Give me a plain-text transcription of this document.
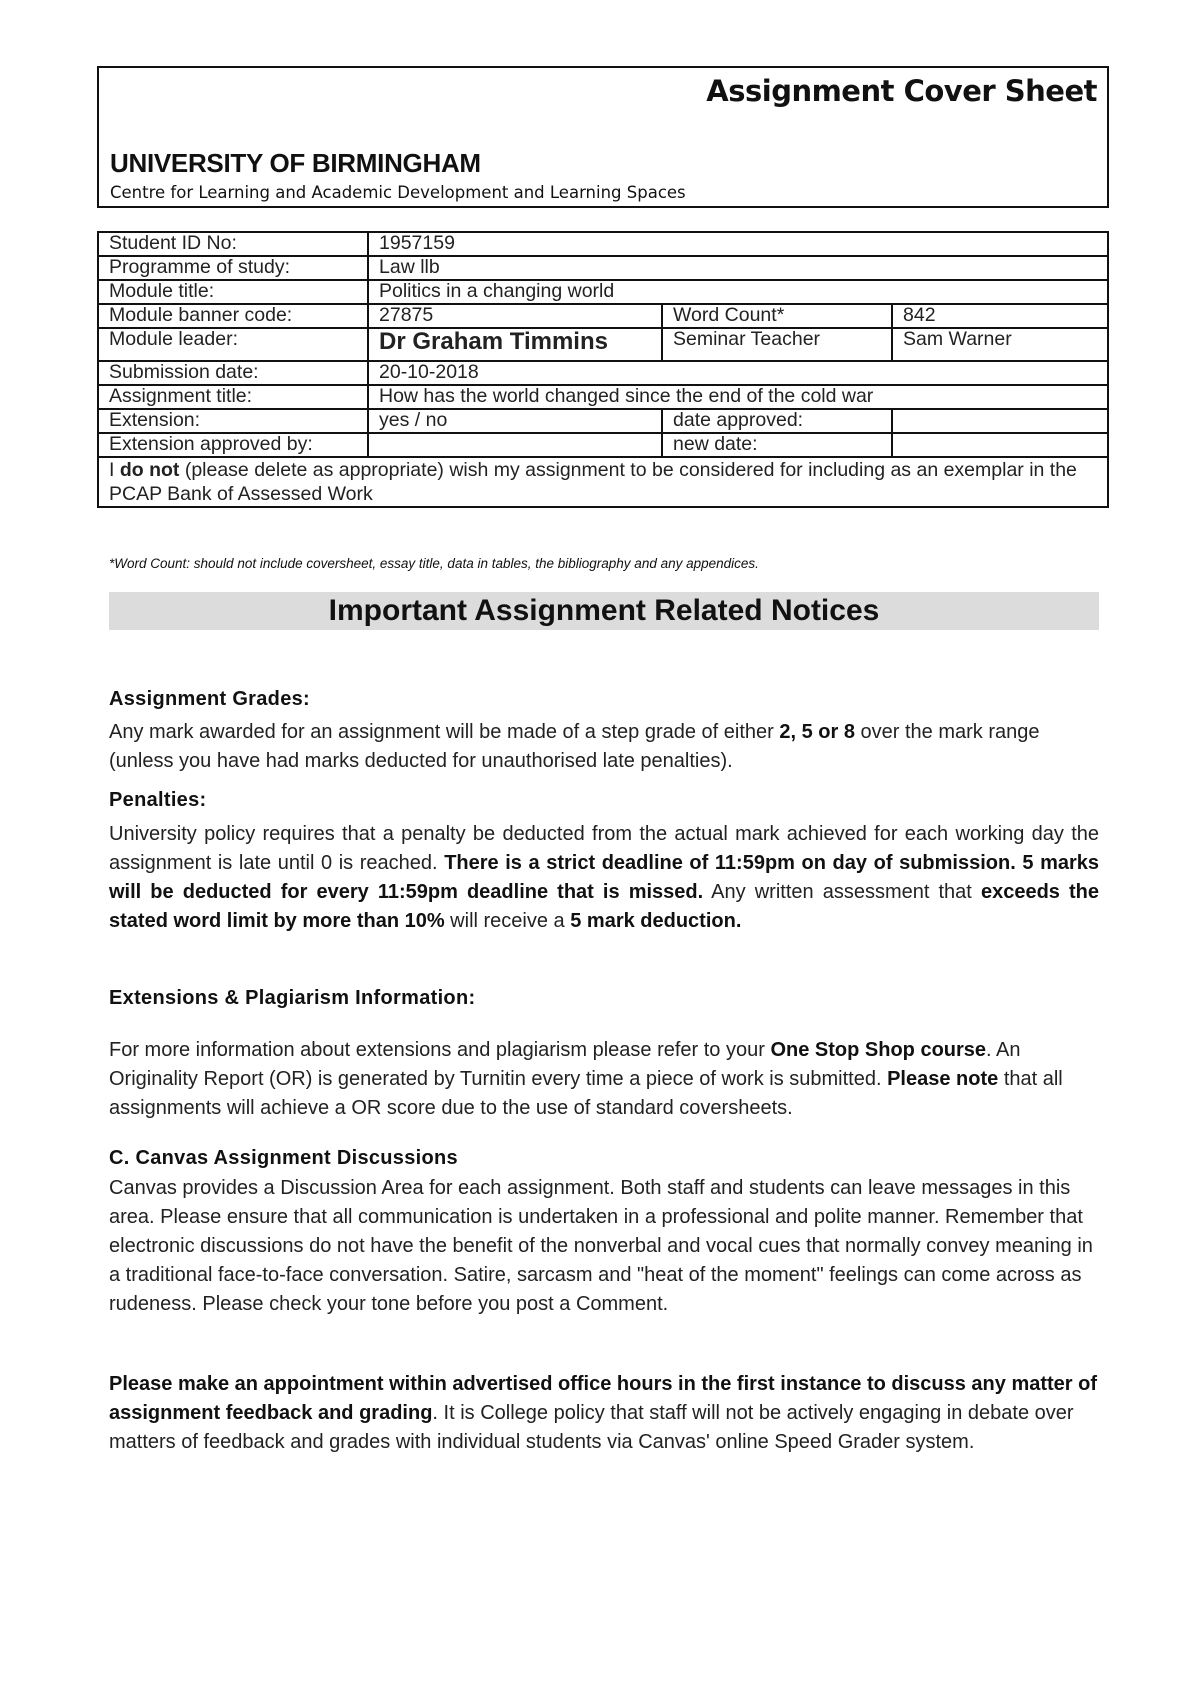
Assignment Cover Sheet
UNIVERSITY OF BIRMINGHAM
Centre for Learning and Academic Development and Learning Spaces
Student ID No:	1957159		
Programme of study:	Law llb		
Module title:	Politics in a changing world		
Module banner code:	27875	Word Count*	842
Module leader:	Dr Graham Timmins	Seminar Teacher	Sam Warner
Submission date:	20-10-2018		
Assignment title:	How has the world changed since the end of the cold war		
Extension:	yes / no	date approved:	
Extension approved by:		new date:	
I do not (please delete as appropriate) wish my assignment to be considered for including as an exemplar in the PCAP Bank of Assessed Work			
*Word Count: should not include coversheet, essay title, data in tables, the bibliography and any appendices.
Important Assignment Related Notices
Assignment Grades:
Any mark awarded for an assignment will be made of a step grade of either 2, 5 or 8 over the mark range (unless you have had marks deducted for unauthorised late penalties).
Penalties:
University policy requires that a penalty be deducted from the actual mark achieved for each working day the assignment is late until 0 is reached. There is a strict deadline of 11:59pm on day of submission. 5 marks will be deducted for every 11:59pm deadline that is missed. Any written assessment that exceeds the stated word limit by more than 10% will receive a 5 mark deduction.
Extensions & Plagiarism Information:
For more information about extensions and plagiarism please refer to your One Stop Shop course. An Originality Report (OR) is generated by Turnitin every time a piece of work is submitted. Please note that all assignments will achieve a OR score due to the use of standard coversheets.
C. Canvas Assignment Discussions
Canvas provides a Discussion Area for each assignment. Both staff and students can leave messages in this area. Please ensure that all communication is undertaken in a professional and polite manner. Remember that electronic discussions do not have the benefit of the nonverbal and vocal cues that normally convey meaning in a traditional face-to-face conversation. Satire, sarcasm and "heat of the moment" feelings can come across as rudeness. Please check your tone before you post a Comment.
Please make an appointment within advertised office hours in the first instance to discuss any matter of assignment feedback and grading. It is College policy that staff will not be actively engaging in debate over matters of feedback and grades with individual students via Canvas' online Speed Grader system.
